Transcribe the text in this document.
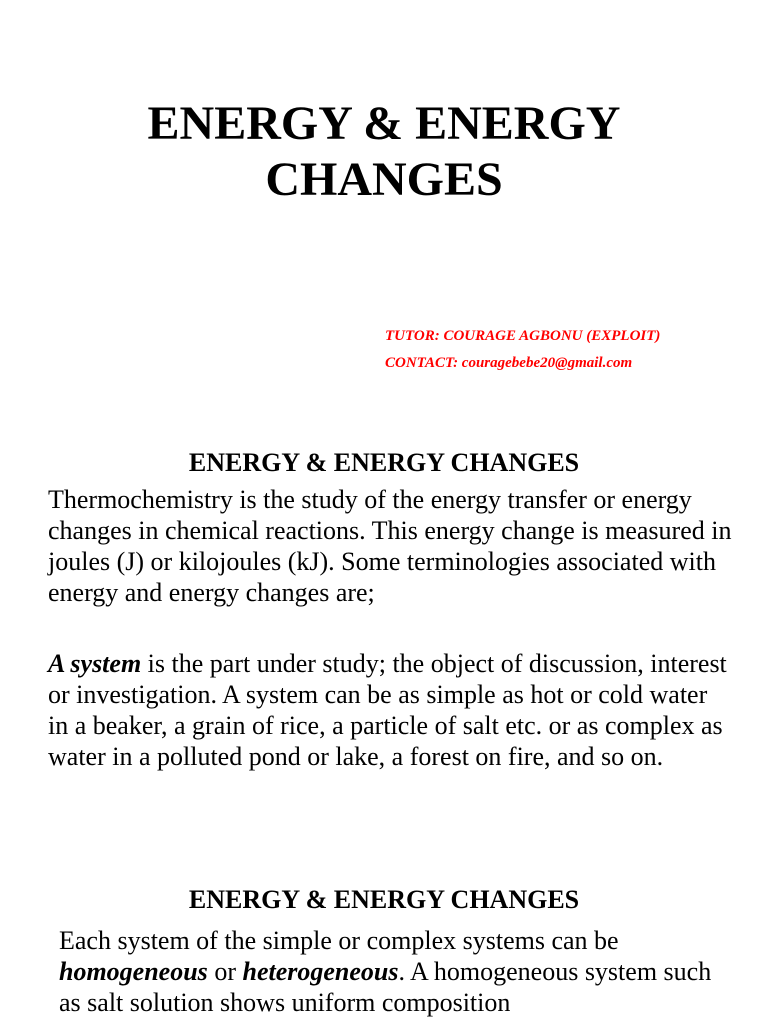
ENERGY & ENERGY
CHANGES
TUTOR: COURAGE AGBONU (EXPLOIT)
CONTACT: couragebebe20@gmail.com
ENERGY & ENERGY CHANGES

Thermochemistry is the study of the energy transfer or energy changes in chemical reactions. This energy change is measured in joules (J) or kilojoules (kJ). Some terminologies associated with energy and energy changes are;

A system is the part under study; the object of discussion, interest or investigation. A system can be as simple as hot or cold water in a beaker, a grain of rice, a particle of salt etc. or as complex as water in a polluted pond or lake, a forest on fire, and so on.

ENERGY & ENERGY CHANGES

Each system of the simple or complex systems can be homogeneous or heterogeneous. A homogeneous system such as salt solution shows uniform composition
